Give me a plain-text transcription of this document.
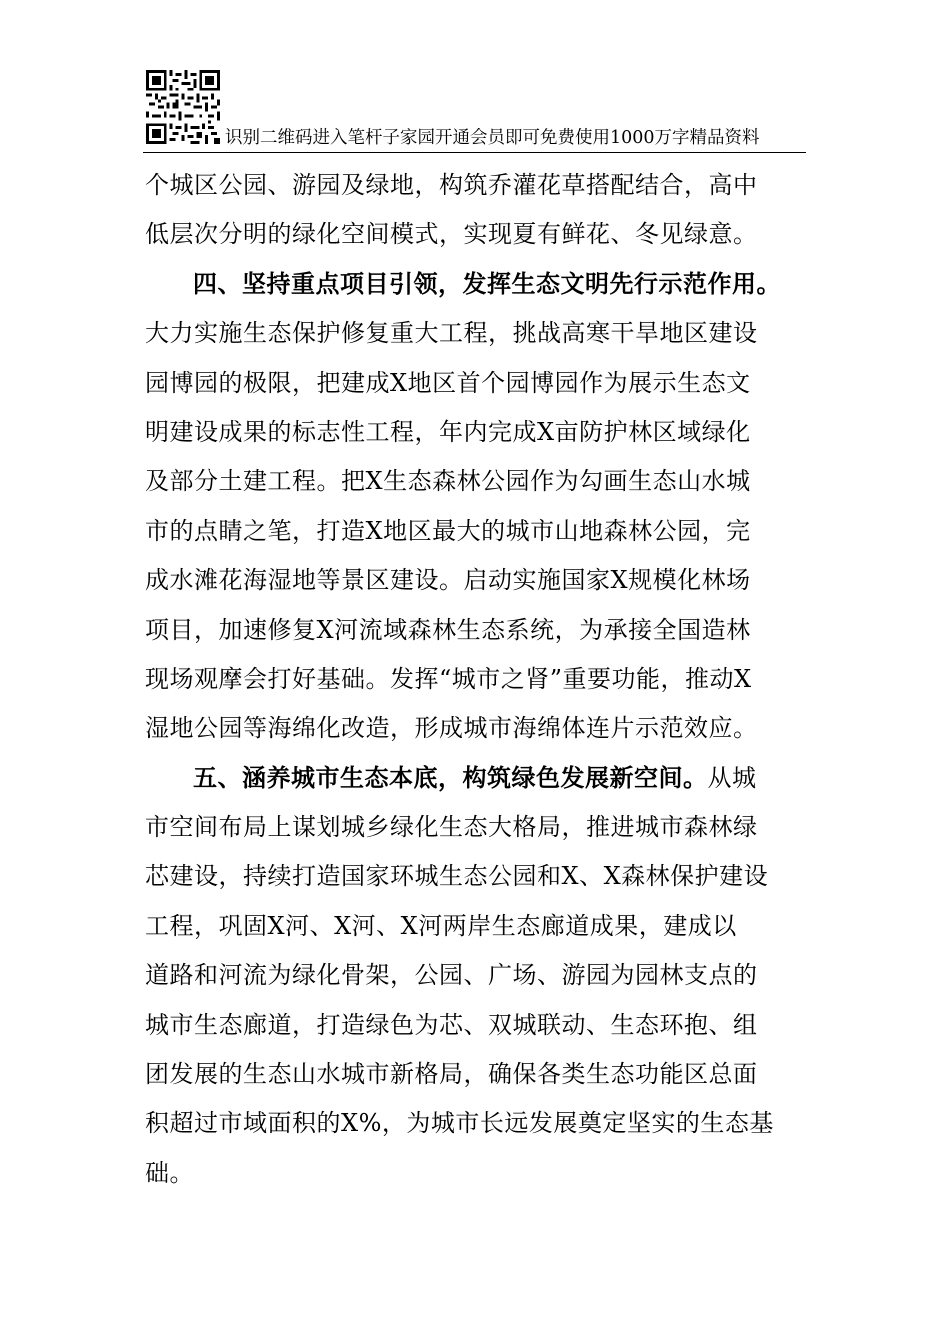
识别二维码进入笔杆子家园开通会员即可免费使用1000万字精品资料
个城区公园、游园及绿地，构筑乔灌花草搭配结合，高中
低层次分明的绿化空间模式，实现夏有鲜花、冬见绿意。
四、坚持重点项目引领，发挥生态文明先行示范作用。
大力实施生态保护修复重大工程，挑战高寒干旱地区建设
园博园的极限，把建成X地区首个园博园作为展示生态文
明建设成果的标志性工程，年内完成X亩防护林区域绿化
及部分土建工程。把X生态森林公园作为勾画生态山水城
市的点睛之笔，打造X地区最大的城市山地森林公园，完
成水滩花海湿地等景区建设。启动实施国家X规模化林场
项目，加速修复X河流域森林生态系统，为承接全国造林
现场观摩会打好基础。发挥“城市之肾”重要功能，推动X
湿地公园等海绵化改造，形成城市海绵体连片示范效应。
五、涵养城市生态本底，构筑绿色发展新空间。从城
市空间布局上谋划城乡绿化生态大格局，推进城市森林绿
芯建设，持续打造国家环城生态公园和X、X森林保护建设
工程，巩固X河、X河、X河两岸生态廊道成果，建成以
道路和河流为绿化骨架，公园、广场、游园为园林支点的
城市生态廊道，打造绿色为芯、双城联动、生态环抱、组
团发展的生态山水城市新格局，确保各类生态功能区总面
积超过市域面积的X%，为城市长远发展奠定坚实的生态基
础。
